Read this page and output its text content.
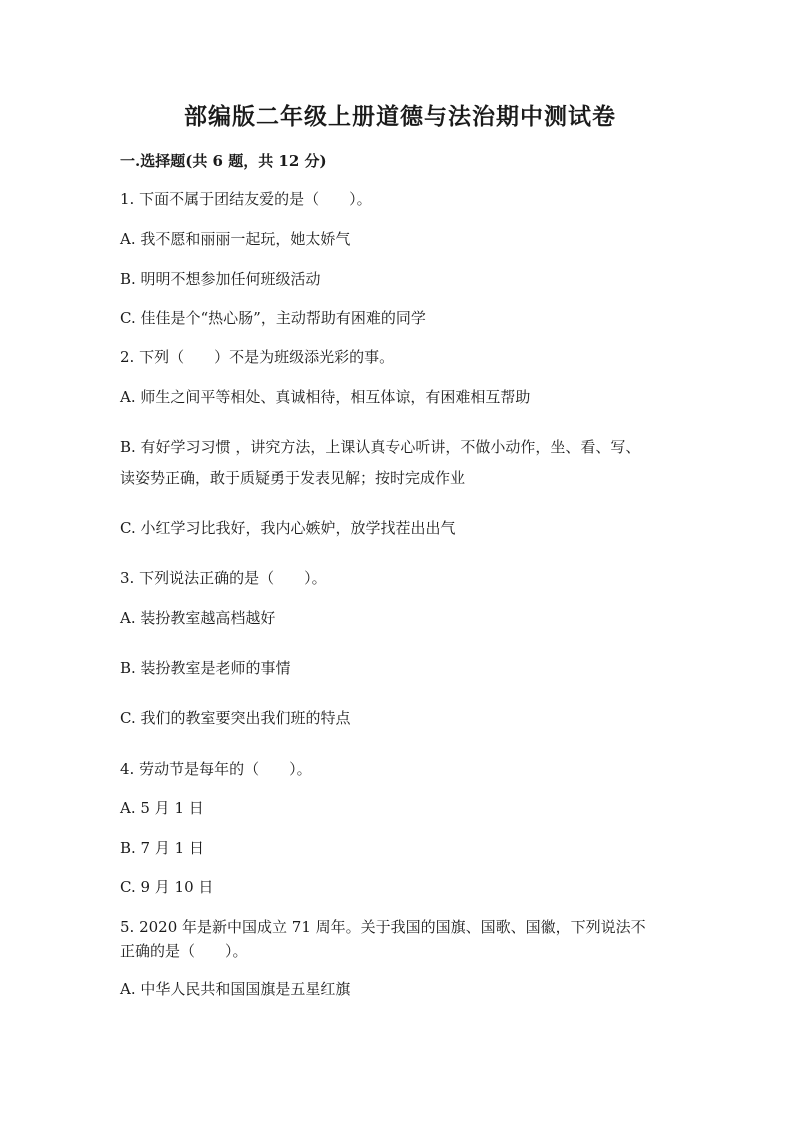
部编版二年级上册道德与法治期中测试卷
一.选择题(共 6 题，共 12 分)
1. 下面不属于团结友爱的是（　　）。
A. 我不愿和丽丽一起玩，她太娇气
B. 明明不想参加任何班级活动
C. 佳佳是个“热心肠”，主动帮助有困难的同学
2. 下列（　　）不是为班级添光彩的事。
A. 师生之间平等相处、真诚相待，相互体谅，有困难相互帮助
B. 有好学习习惯 ，讲究方法，上课认真专心听讲，不做小动作，坐、看、写、
读姿势正确，敢于质疑勇于发表见解；按时完成作业
C. 小红学习比我好，我内心嫉妒，放学找茬出出气
3. 下列说法正确的是（　　）。
A. 装扮教室越高档越好
B. 装扮教室是老师的事情
C. 我们的教室要突出我们班的特点
4. 劳动节是每年的（　　）。
A. 5 月 1 日
B. 7 月 1 日
C. 9 月 10 日
5. 2020 年是新中国成立 71 周年。关于我国的国旗、国歌、国徽，下列说法不
正确的是（　　）。
A. 中华人民共和国国旗是五星红旗
